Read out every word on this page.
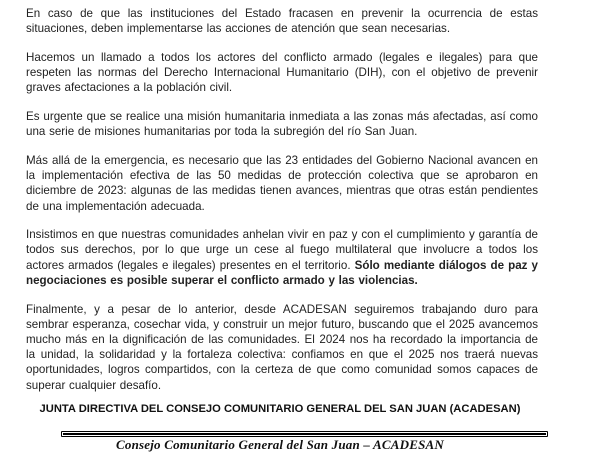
En caso de que las instituciones del Estado fracasen en prevenir la ocurrencia de estas situaciones, deben implementarse las acciones de atención que sean necesarias.

Hacemos un llamado a todos los actores del conflicto armado (legales e ilegales) para que respeten las normas del Derecho Internacional Humanitario (DIH), con el objetivo de prevenir graves afectaciones a la población civil.

Es urgente que se realice una misión humanitaria inmediata a las zonas más afectadas, así como una serie de misiones humanitarias por toda la subregión del río San Juan.

Más allá de la emergencia, es necesario que las 23 entidades del Gobierno Nacional avancen en la implementación efectiva de las 50 medidas de protección colectiva que se aprobaron en diciembre de 2023: algunas de las medidas tienen avances, mientras que otras están pendientes de una implementación adecuada.

Insistimos en que nuestras comunidades anhelan vivir en paz y con el cumplimiento y garantía de todos sus derechos, por lo que urge un cese al fuego multilateral que involucre a todos los actores armados (legales e ilegales) presentes en el territorio. Sólo mediante diálogos de paz y negociaciones es posible superar el conflicto armado y las violencias.

Finalmente, y a pesar de lo anterior, desde ACADESAN seguiremos trabajando duro para sembrar esperanza, cosechar vida, y construir un mejor futuro, buscando que el 2025 avancemos mucho más en la dignificación de las comunidades. El 2024 nos ha recordado la importancia de la unidad, la solidaridad y la fortaleza colectiva: confiamos en que el 2025 nos traerá nuevas oportunidades, logros compartidos, con la certeza de que como comunidad somos capaces de superar cualquier desafío.

JUNTA DIRECTIVA DEL CONSEJO COMUNITARIO GENERAL DEL SAN JUAN (ACADESAN)
Consejo Comunitario General del San Juan – ACADESAN
